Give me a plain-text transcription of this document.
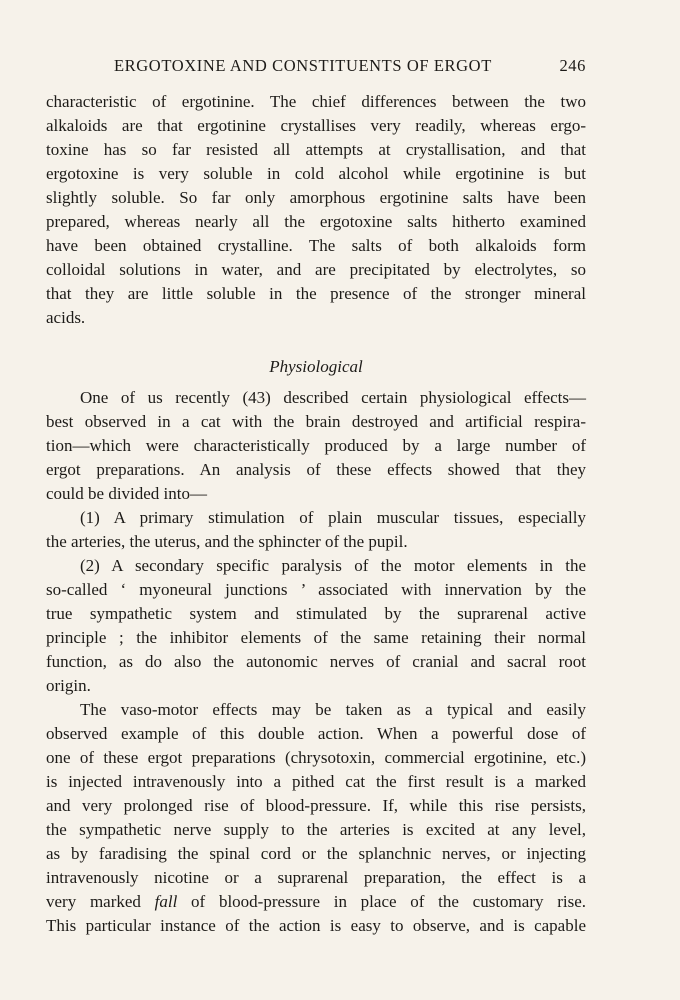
ERGOTOXINE AND CONSTITUENTS OF ERGOT	246

characteristic of ergotinine. The chief differences between the two

alkaloids are that ergotinine crystallises very readily, whereas ergo-

toxine has so far resisted all attempts at crystallisation, and that

ergotoxine is very soluble in cold alcohol while ergotinine is but

slightly soluble. So far only amorphous ergotinine salts have been

prepared, whereas nearly all the ergotoxine salts hitherto examined

have been obtained crystalline. The salts of both alkaloids form

colloidal solutions in water, and are precipitated by electrolytes, so

that they are little soluble in the presence of the stronger mineral

acids.

Physiological

One of us recently (43) described certain physiological effects—

best observed in a cat with the brain destroyed and artificial respira-

tion—which were characteristically produced by a large number of

ergot preparations. An analysis of these effects showed that they

could be divided into—

(1) A primary stimulation of plain muscular tissues, especially

the arteries, the uterus, and the sphincter of the pupil.

(2) A secondary specific paralysis of the motor elements in the

so-called ‘ myoneural junctions ’ associated with innervation by the

true sympathetic system and stimulated by the suprarenal active

principle ; the inhibitor elements of the same retaining their normal

function, as do also the autonomic nerves of cranial and sacral root

origin.

The vaso-motor effects may be taken as a typical and easily

observed example of this double action. When a powerful dose of

one of these ergot preparations (chrysotoxin, commercial ergotinine, etc.)

is injected intravenously into a pithed cat the first result is a marked

and very prolonged rise of blood-pressure. If, while this rise persists,

the sympathetic nerve supply to the arteries is excited at any level,

as by faradising the spinal cord or the splanchnic nerves, or injecting

intravenously nicotine or a suprarenal preparation, the effect is a

very marked fall of blood-pressure in place of the customary rise.

This particular instance of the action is easy to observe, and is capable
